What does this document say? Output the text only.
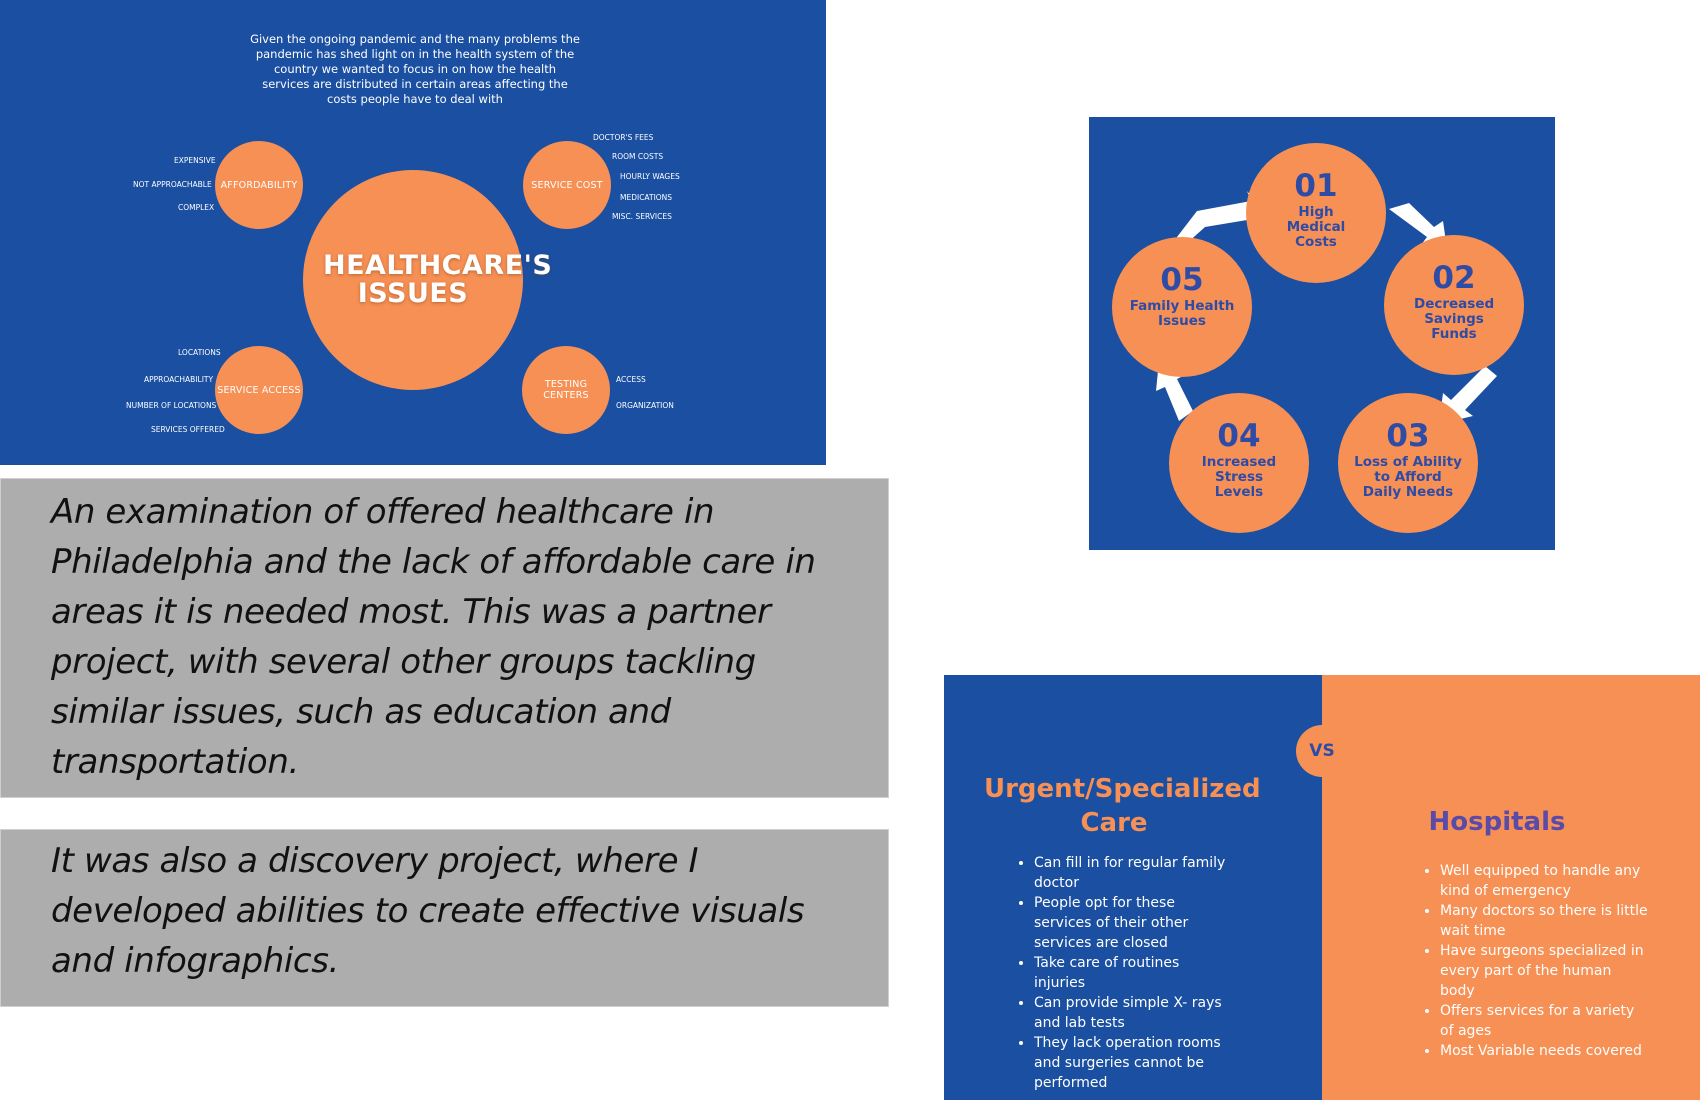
Given the ongoing pandemic and the many problems the pandemic has shed light on in the health system of the country we wanted to focus in on how the health services are distributed in certain areas affecting the costs people have to deal with
HEALTHCARE'S ISSUES
AFFORDABILITY
EXPENSIVE
NOT APPROACHABLE
COMPLEX
SERVICE COST
DOCTOR'S FEES
ROOM COSTS
HOURLY WAGES
MEDICATIONS
MISC. SERVICES
SERVICE ACCESS
LOCATIONS
APPROACHABILITY
NUMBER OF LOCATIONS
SERVICES OFFERED
TESTING CENTERS
ACCESS
ORGANIZATION

An examination of offered healthcare in Philadelphia and the lack of affordable care in areas it is needed most. This was a partner project, with several other groups tackling similar issues, such as education and transportation.

It was also a discovery project, where I developed abilities to create effective visuals and infographics.

01
High Medical Costs
02
Decreased Savings Funds
03
Loss of Ability to Afford Daily Needs
04
Increased Stress Levels
05
Family Health Issues
Urgent/Specialized Care
• Can fill in for regular family doctor
• People opt for these services of their other services are closed
• Take care of routines injuries
• Can provide simple X- rays and lab tests
• They lack operation rooms and surgeries cannot be performed
Hospitals
• Well equipped to handle any kind of emergency
• Many doctors so there is little wait time
• Have surgeons specialized in every part of the human body
• Offers services for a variety of ages
• Most Variable needs covered
VS
